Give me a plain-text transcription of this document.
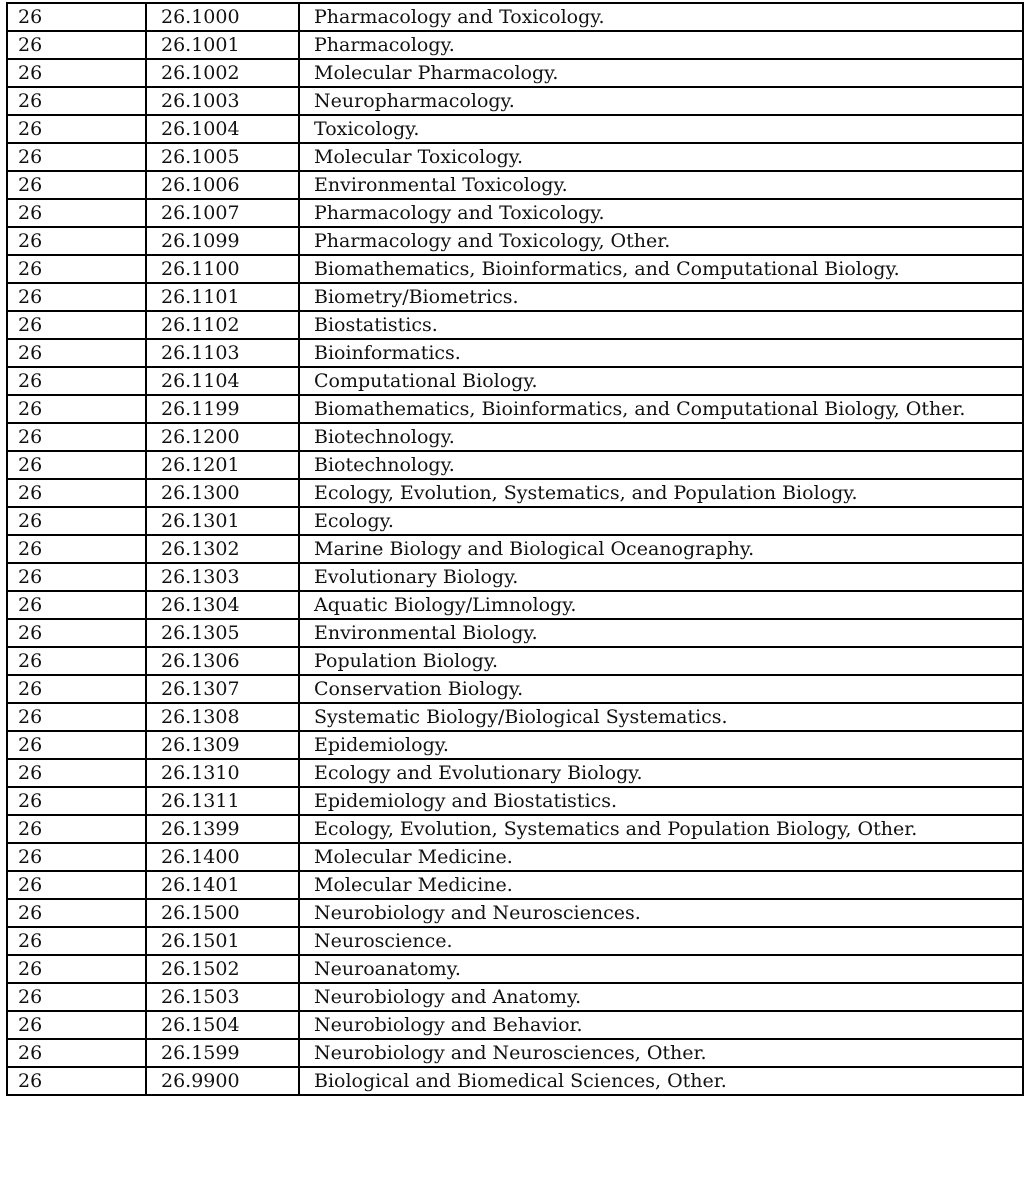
26	26.1000	Pharmacology and Toxicology.
26	26.1001	Pharmacology.
26	26.1002	Molecular Pharmacology.
26	26.1003	Neuropharmacology.
26	26.1004	Toxicology.
26	26.1005	Molecular Toxicology.
26	26.1006	Environmental Toxicology.
26	26.1007	Pharmacology and Toxicology.
26	26.1099	Pharmacology and Toxicology, Other.
26	26.1100	Biomathematics, Bioinformatics, and Computational Biology.
26	26.1101	Biometry/Biometrics.
26	26.1102	Biostatistics.
26	26.1103	Bioinformatics.
26	26.1104	Computational Biology.
26	26.1199	Biomathematics, Bioinformatics, and Computational Biology, Other.
26	26.1200	Biotechnology.
26	26.1201	Biotechnology.
26	26.1300	Ecology, Evolution, Systematics, and Population Biology.
26	26.1301	Ecology.
26	26.1302	Marine Biology and Biological Oceanography.
26	26.1303	Evolutionary Biology.
26	26.1304	Aquatic Biology/Limnology.
26	26.1305	Environmental Biology.
26	26.1306	Population Biology.
26	26.1307	Conservation Biology.
26	26.1308	Systematic Biology/Biological Systematics.
26	26.1309	Epidemiology.
26	26.1310	Ecology and Evolutionary Biology.
26	26.1311	Epidemiology and Biostatistics.
26	26.1399	Ecology, Evolution, Systematics and Population Biology, Other.
26	26.1400	Molecular Medicine.
26	26.1401	Molecular Medicine.
26	26.1500	Neurobiology and Neurosciences.
26	26.1501	Neuroscience.
26	26.1502	Neuroanatomy.
26	26.1503	Neurobiology and Anatomy.
26	26.1504	Neurobiology and Behavior.
26	26.1599	Neurobiology and Neurosciences, Other.
26	26.9900	Biological and Biomedical Sciences, Other.
